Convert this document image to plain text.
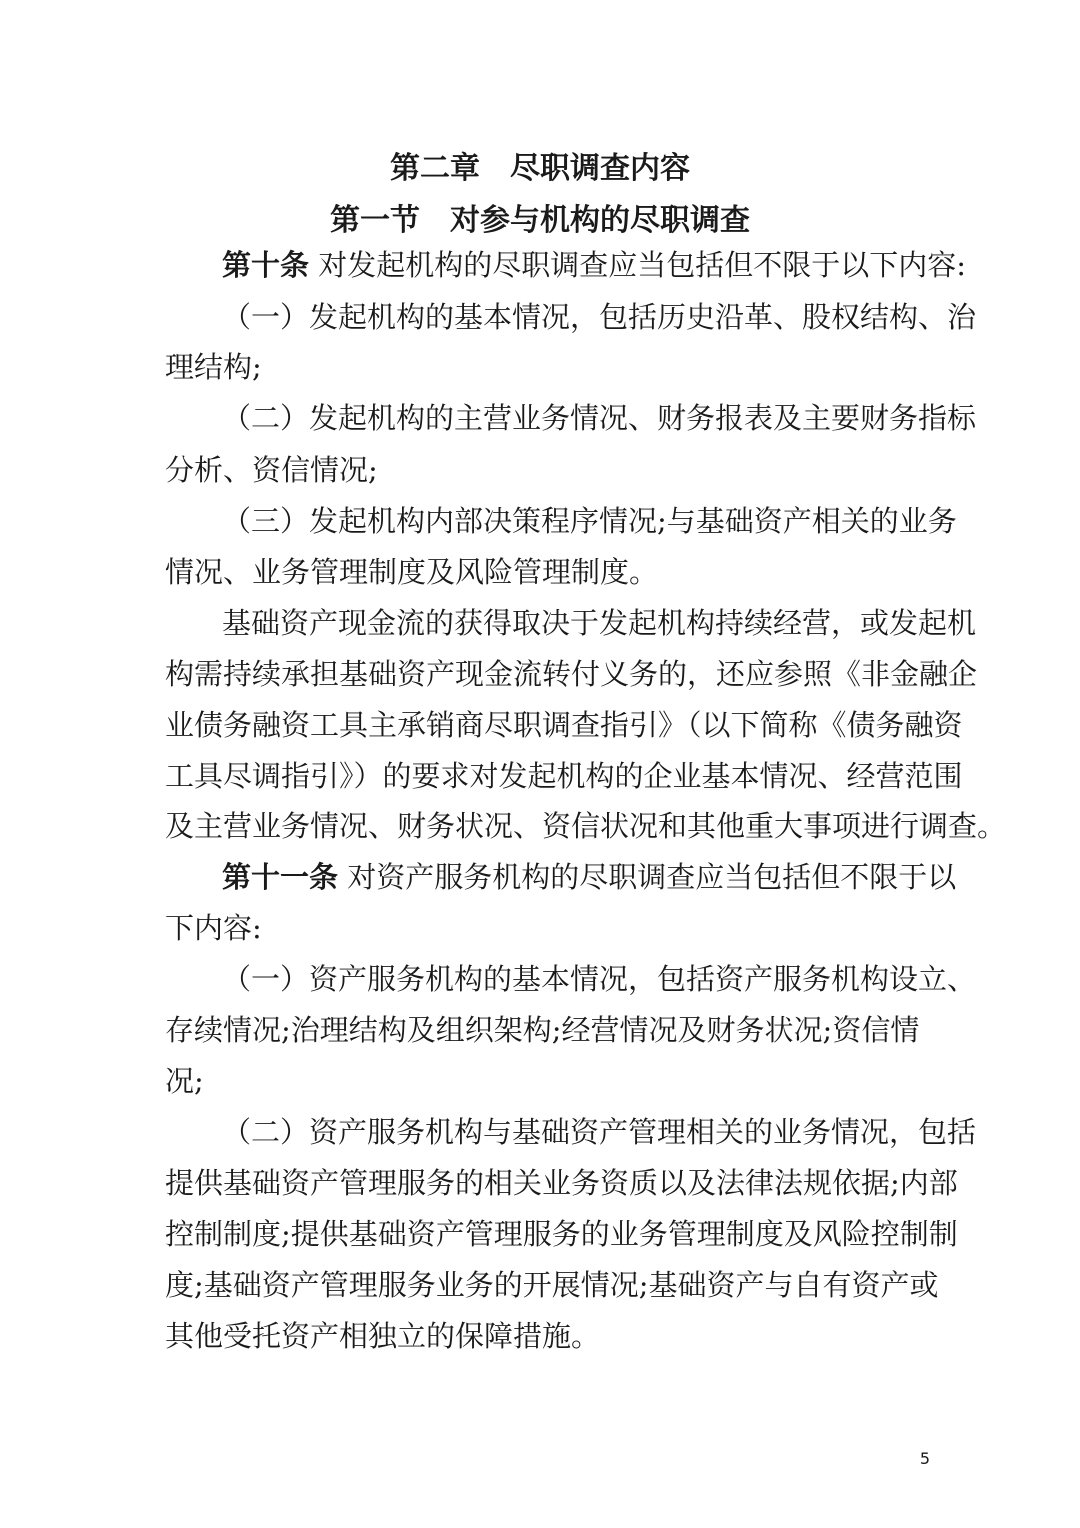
第二章　尽职调查内容
第一节　对参与机构的尽职调查

第十条 对发起机构的尽职调查应当包括但不限于以下内容:

（一）发起机构的基本情况，包括历史沿革、股权结构、治

理结构;

（二）发起机构的主营业务情况、财务报表及主要财务指标

分析、资信情况;

（三）发起机构内部决策程序情况;与基础资产相关的业务

情况、业务管理制度及风险管理制度。

基础资产现金流的获得取决于发起机构持续经营，或发起机

构需持续承担基础资产现金流转付义务的，还应参照《非金融企

业债务融资工具主承销商尽职调查指引》（以下简称《债务融资

工具尽调指引》）的要求对发起机构的企业基本情况、经营范围

及主营业务情况、财务状况、资信状况和其他重大事项进行调查。

第十一条 对资产服务机构的尽职调查应当包括但不限于以

下内容:

（一）资产服务机构的基本情况，包括资产服务机构设立、

存续情况;治理结构及组织架构;经营情况及财务状况;资信情

况;

（二）资产服务机构与基础资产管理相关的业务情况，包括

提供基础资产管理服务的相关业务资质以及法律法规依据;内部

控制制度;提供基础资产管理服务的业务管理制度及风险控制制

度;基础资产管理服务业务的开展情况;基础资产与自有资产或

其他受托资产相独立的保障措施。

5
